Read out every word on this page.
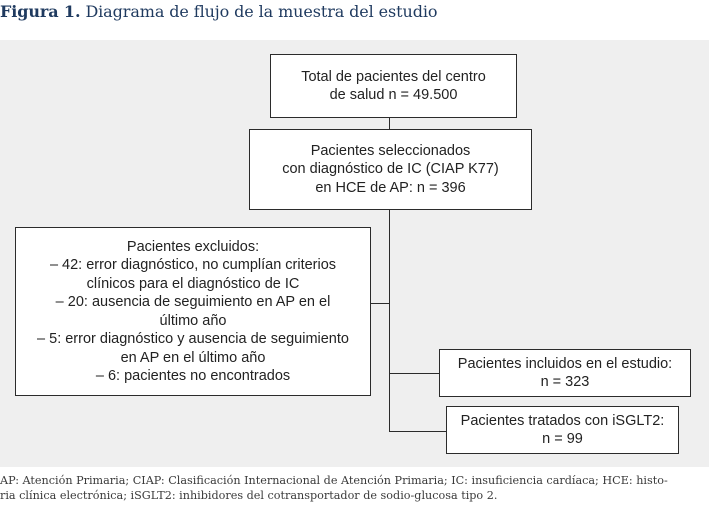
Figura 1. Diagrama de flujo de la muestra del estudio
Total de pacientes del centro
de salud n = 49.500
Pacientes seleccionados
con diagnóstico de IC (CIAP K77)
en HCE de AP: n = 396
Pacientes excluidos:
– 42: error diagnóstico, no cumplían criterios
clínicos para el diagnóstico de IC
– 20: ausencia de seguimiento en AP en el
último año
– 5: error diagnóstico y ausencia de seguimiento
en AP en el último año
– 6: pacientes no encontrados
Pacientes incluidos en el estudio:
n = 323
Pacientes tratados con iSGLT2:
n = 99
AP: Atención Primaria; CIAP: Clasificación Internacional de Atención Primaria; IC: insuficiencia cardíaca; HCE: histo-
ria clínica electrónica; iSGLT2: inhibidores del cotransportador de sodio-glucosa tipo 2.
